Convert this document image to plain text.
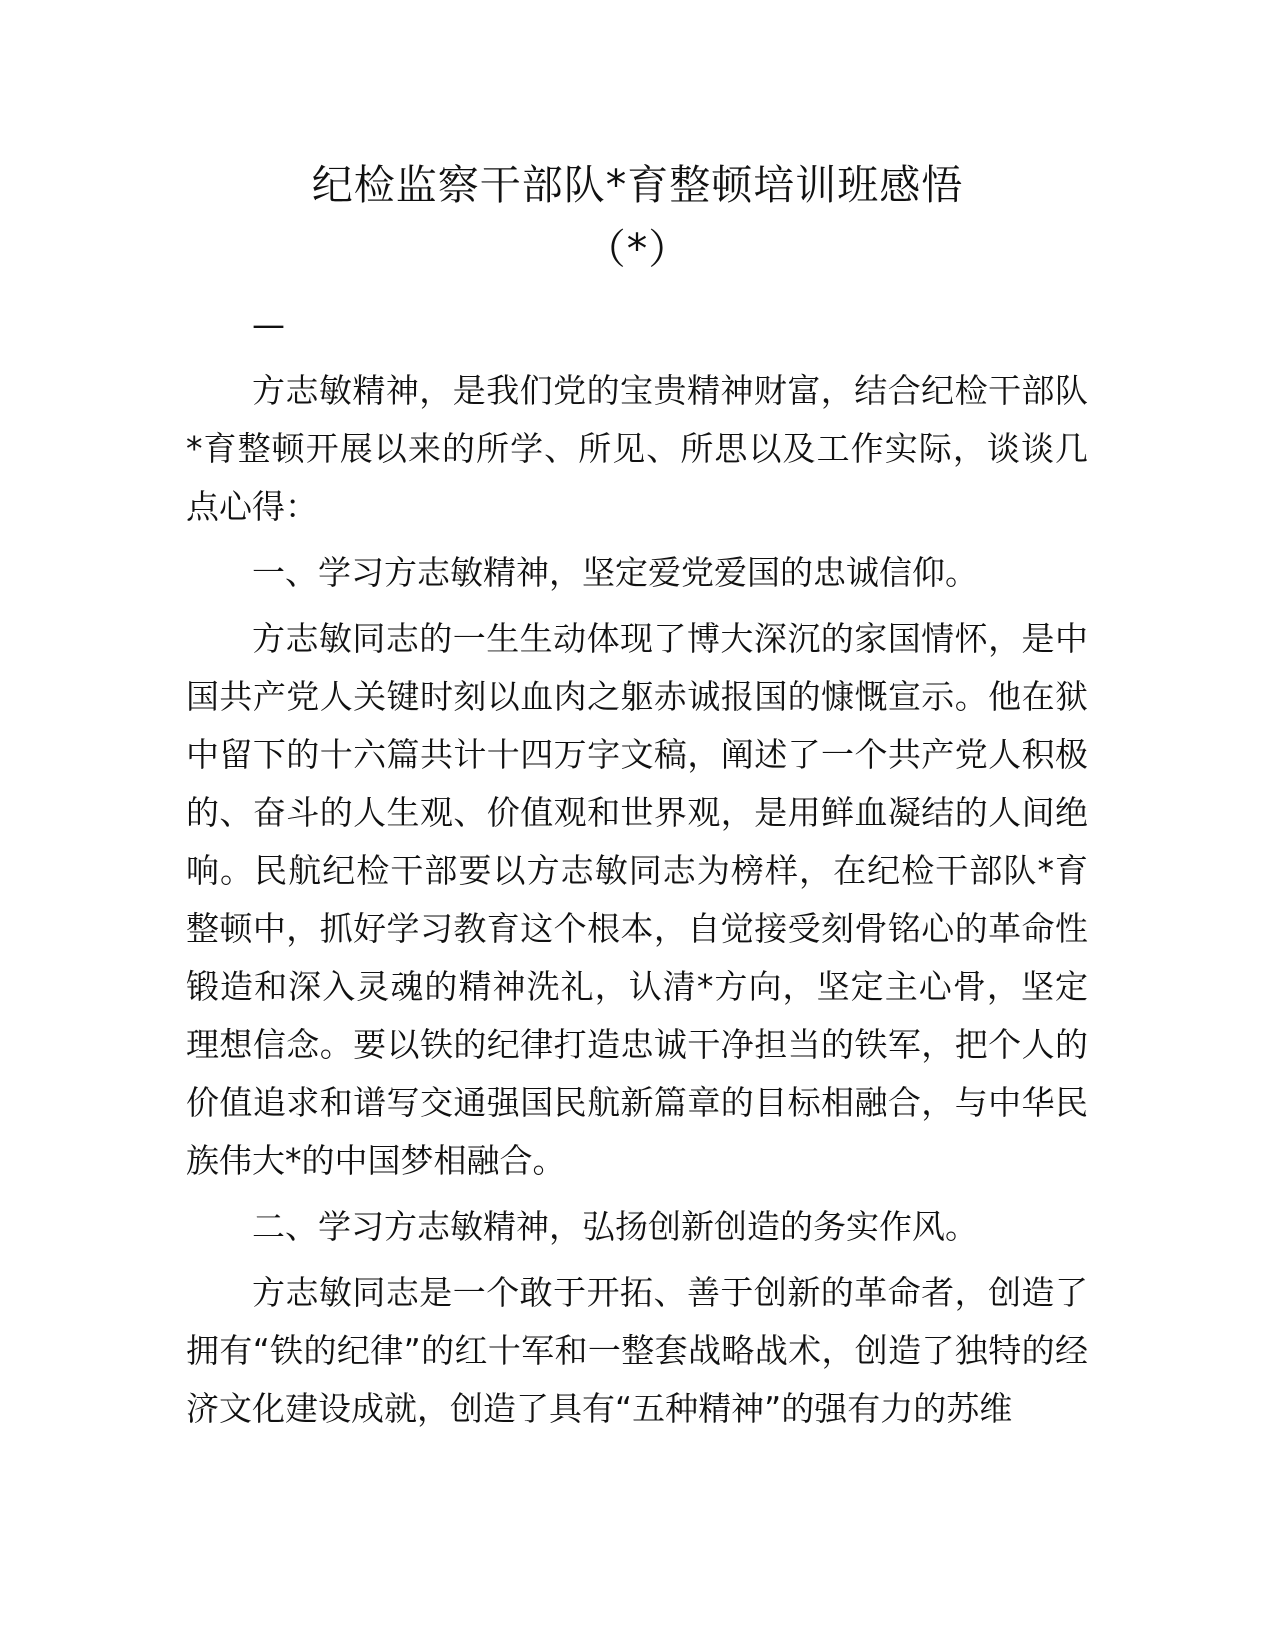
纪检监察干部队*育整顿培训班感悟
（*）

—

方志敏精神，是我们党的宝贵精神财富，结合纪检干部队*育整顿开展以来的所学、所见、所思以及工作实际，谈谈几点心得：

一、学习方志敏精神，坚定爱党爱国的忠诚信仰。

方志敏同志的一生生动体现了博大深沉的家国情怀，是中国共产党人关键时刻以血肉之躯赤诚报国的慷慨宣示。他在狱中留下的十六篇共计十四万字文稿，阐述了一个共产党人积极的、奋斗的人生观、价值观和世界观，是用鲜血凝结的人间绝响。民航纪检干部要以方志敏同志为榜样，在纪检干部队*育整顿中，抓好学习教育这个根本，自觉接受刻骨铭心的革命性锻造和深入灵魂的精神洗礼，认清*方向，坚定主心骨，坚定理想信念。要以铁的纪律打造忠诚干净担当的铁军，把个人的价值追求和谱写交通强国民航新篇章的目标相融合，与中华民族伟大*的中国梦相融合。

二、学习方志敏精神，弘扬创新创造的务实作风。

方志敏同志是一个敢于开拓、善于创新的革命者，创造了拥有“铁的纪律”的红十军和一整套战略战术，创造了独特的经济文化建设成就，创造了具有“五种精神”的强有力的苏维
